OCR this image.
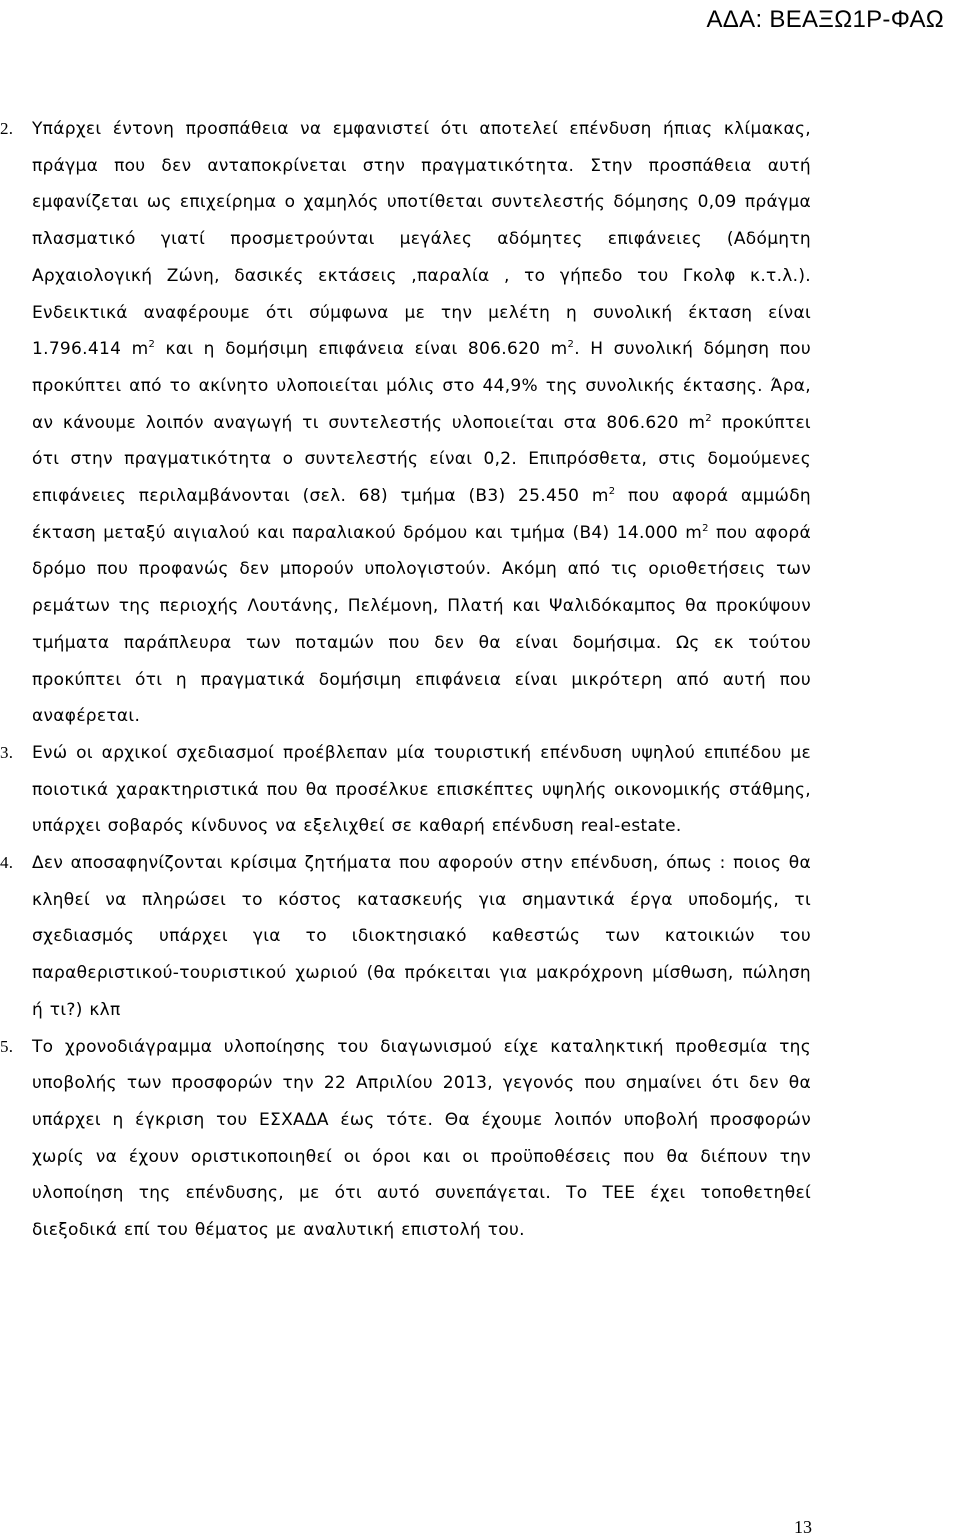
ΑΔΑ: ΒΕΑΞΩ1Ρ-ΦΑΩ
2. Υπάρχει έντονη προσπάθεια να εμφανιστεί ότι αποτελεί επένδυση ήπιας κλίμακας, πράγμα που δεν ανταποκρίνεται στην πραγματικότητα. Στην προσπάθεια αυτή εμφανίζεται ως επιχείρημα ο χαμηλός υποτίθεται συντελεστής δόμησης 0,09 πράγμα πλασματικό γιατί προσμετρούνται μεγάλες αδόμητες επιφάνειες (Αδόμητη Αρχαιολογική Ζώνη, δασικές εκτάσεις ,παραλία , το γήπεδο του Γκολφ κ.τ.λ.). Ενδεικτικά αναφέρουμε ότι σύμφωνα με την μελέτη η συνολική έκταση είναι 1.796.414 $m^2$ και η δομήσιμη επιφάνεια είναι 806.620 $m^2$. Η συνολική δόμηση που προκύπτει από το ακίνητο υλοποιείται μόλις στο 44,9% της συνολικής έκτασης. Άρα, αν κάνουμε λοιπόν αναγωγή τι συντελεστής υλοποιείται στα 806.620 $m^2$ προκύπτει ότι στην πραγματικότητα ο συντελεστής είναι 0,2. Επιπρόσθετα, στις δομούμενες επιφάνειες περιλαμβάνονται (σελ. 68) τμήμα (Β3) 25.450 $m^2$ που αφορά αμμώδη έκταση μεταξύ αιγιαλού και παραλιακού δρόμου και τμήμα (Β4) 14.000 $m^2$ που αφορά δρόμο που προφανώς δεν μπορούν υπολογιστούν. Ακόμη από τις οριοθετήσεις των ρεμάτων της περιοχής Λουτάνης, Πελέμονη, Πλατή και Ψαλιδόκαμπος θα προκύψουν τμήματα παράπλευρα των ποταμών που δεν θα είναι δομήσιμα. Ως εκ τούτου προκύπτει ότι η πραγματικά δομήσιμη επιφάνεια είναι μικρότερη από αυτή που αναφέρεται.
3. Ενώ οι αρχικοί σχεδιασμοί προέβλεπαν μία τουριστική επένδυση υψηλού επιπέδου με ποιοτικά χαρακτηριστικά που θα προσέλκυε επισκέπτες υψηλής οικονομικής στάθμης, υπάρχει σοβαρός κίνδυνος να εξελιχθεί σε καθαρή επένδυση real-estate.
4. Δεν αποσαφηνίζονται κρίσιμα ζητήματα που αφορούν στην επένδυση, όπως : ποιος θα κληθεί να πληρώσει το κόστος κατασκευής για σημαντικά έργα υποδομής, τι σχεδιασμός υπάρχει για το ιδιοκτησιακό καθεστώς των κατοικιών του παραθεριστικού-τουριστικού χωριού (θα πρόκειται για μακρόχρονη μίσθωση, πώληση ή τι?) κλπ
5. Το χρονοδιάγραμμα υλοποίησης του διαγωνισμού είχε καταληκτική προθεσμία της υποβολής των προσφορών την 22 Απριλίου 2013, γεγονός που σημαίνει ότι δεν θα υπάρχει η έγκριση του ΕΣΧΑΔΑ έως τότε. Θα έχουμε λοιπόν υποβολή προσφορών χωρίς να έχουν οριστικοποιηθεί οι όροι και οι προϋποθέσεις που θα διέπουν την υλοποίηση της επένδυσης, με ότι αυτό συνεπάγεται. Το ΤΕΕ έχει τοποθετηθεί διεξοδικά επί του θέματος με αναλυτική επιστολή του.
13
